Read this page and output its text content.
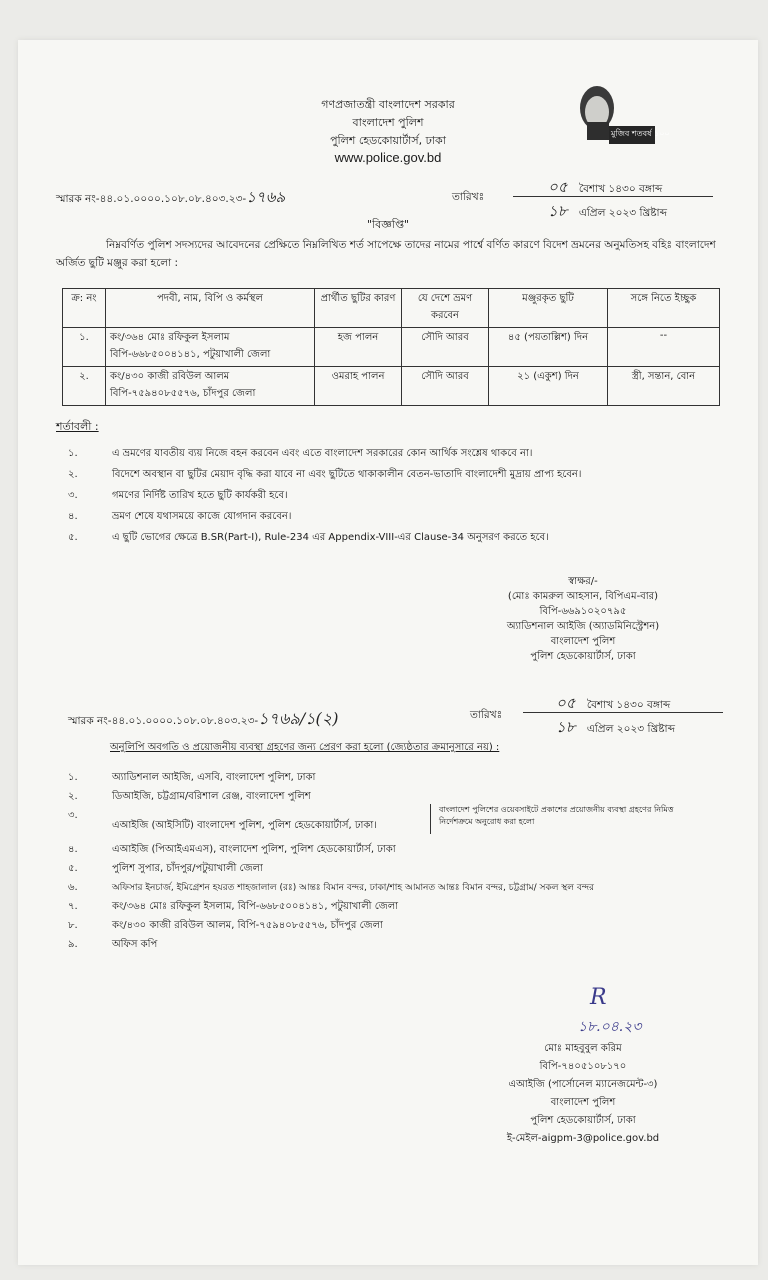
গণপ্রজাতন্ত্রী বাংলাদেশ সরকার
বাংলাদেশ পুলিশ
পুলিশ হেডকোয়ার্টার্স, ঢাকা
www.police.gov.bd
মুজিব শতবর্ষ ১০০
স্মারক নং-৪৪.০১.০০০০.১০৮.০৮.৪০৩.২৩-১৭৬৯	তারিখঃ
০৫ বৈশাখ ১৪৩০ বঙ্গাব্দ
১৮ এপ্রিল ২০২৩ খ্রিষ্টাব্দ
"বিজ্ঞপ্তি"
নিম্নবর্ণিত পুলিশ সদস্যদের আবেদনের প্রেক্ষিতে নিম্নলিখিত শর্ত সাপেক্ষে তাদের নামের পার্শ্বে বর্ণিত কারণে বিদেশ ভ্রমনের অনুমতিসহ বহিঃ বাংলাদেশ অর্জিত ছুটি মঞ্জুর করা হলো :
ক্র: নং	পদবী, নাম, বিপি ও কর্মস্থল	প্রার্থীত ছুটির কারণ	যে দেশে ভ্রমণ করবেন	মঞ্জুরকৃত ছুটি	সঙ্গে নিতে ইচ্ছুক
১.	কং/৩৬৪ মোঃ রফিকুল ইসলাম
বিপি-৬৬৮৫০০৪১৪১, পটুয়াখালী জেলা	হজ পালন	সৌদি আরব	৪৫ (পয়তাল্লিশ) দিন	--
২.	কং/৪৩০ কাজী রবিউল আলম
বিপি-৭৫৯৪০৮৫৫৭৬, চাঁদপুর জেলা	ওমরাহ পালন	সৌদি আরব	২১ (একুশ) দিন	স্ত্রী, সন্তান, বোন
শর্তাবলী :
১.	এ ভ্রমণের যাবতীয় ব্যয় নিজে বহন করবেন এবং এতে বাংলাদেশ সরকারের কোন আর্থিক সংশ্লেষ থাকবে না।
২.	বিদেশে অবস্থান বা ছুটির মেয়াদ বৃদ্ধি করা যাবে না এবং ছুটিতে থাকাকালীন বেতন-ভাতাদি বাংলাদেশী মুদ্রায় প্রাপ্য হবেন।
৩.	গমণের নির্দিষ্ট তারিখ হতে ছুটি কার্যকরী হবে।
৪.	ভ্রমণ শেষে যথাসময়ে কাজে যোগদান করবেন।
৫.	এ ছুটি ভোগের ক্ষেত্রে B.SR(Part-I), Rule-234 এর Appendix-VIII-এর Clause-34 অনুসরণ করতে হবে।
স্বাক্ষর/-
(মোঃ কামরুল আহসান, বিপিএম-বার)
বিপি-৬৬৯১০২০৭৯৫
অ্যাডিশনাল আইজি (অ্যাডমিনিস্ট্রেশন)
বাংলাদেশ পুলিশ
পুলিশ হেডকোয়ার্টার্স, ঢাকা
স্মারক নং-৪৪.০১.০০০০.১০৮.০৮.৪০৩.২৩-১৭৬৯/১(২)	তারিখঃ
০৫ বৈশাখ ১৪৩০ বঙ্গাব্দ
১৮ এপ্রিল ২০২৩ খ্রিষ্টাব্দ
অনুলিপি অবগতি ও প্রয়োজনীয় ব্যবস্থা গ্রহণের জন্য প্রেরণ করা হলো (জ্যেষ্ঠতার ক্রমানুসারে নয়) :
১.	অ্যাডিশনাল আইজি, এসবি, বাংলাদেশ পুলিশ, ঢাকা
২.	ডিআইজি, চট্টগ্রাম/বরিশাল রেঞ্জ, বাংলাদেশ পুলিশ
৩.
এআইজি (আইসিটি) বাংলাদেশ পুলিশ, পুলিশ হেডকোয়ার্টার্স, ঢাকা।
৪.	এআইজি (পিআইএমএস), বাংলাদেশ পুলিশ, পুলিশ হেডকোয়ার্টার্স, ঢাকা
৫.	পুলিশ সুপার, চাঁদপুর/পটুয়াখালী জেলা
৬.	অফিসার ইনচার্জ, ইমিগ্রেশন হযরত শাহজালাল (রঃ) আন্তঃ বিমান বন্দর, ঢাকা/শাহ আমানত আন্তঃ বিমান বন্দর, চট্টগ্রাম/ সকল স্থল বন্দর
৭.	কং/৩৬৪ মোঃ রফিকুল ইসলাম, বিপি-৬৬৮৫০০৪১৪১, পটুয়াখালী জেলা
৮.	কং/৪৩০ কাজী রবিউল আলম, বিপি-৭৫৯৪০৮৫৫৭৬, চাঁদপুর জেলা
৯.	অফিস কপি
বাংলাদেশ পুলিশের ওয়েবসাইটে প্রকাশের প্রয়োজনীয় ব্যবস্থা গ্রহণের নিমিত্ত নির্দেশক্রমে অনুরোধ করা হলো
R
১৮.০৪.২৩
মোঃ মাহবুবুল করিম
বিপি-৭৪০৫১০৮১৭০
এআইজি (পার্সোনেল ম্যানেজমেন্ট-৩)
বাংলাদেশ পুলিশ
পুলিশ হেডকোয়ার্টার্স, ঢাকা
ই-মেইল-aigpm-3@police.gov.bd
